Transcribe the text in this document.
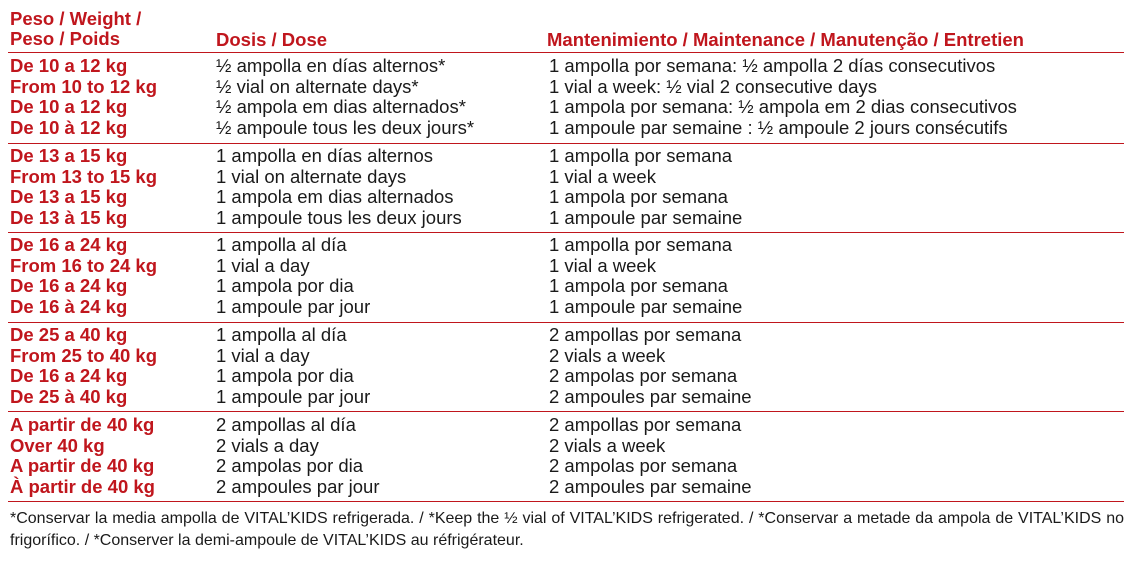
Peso / Weight /
Peso / Poids	Dosis / Dose	Mantenimiento / Maintenance / Manutenção / Entretien
De 10 a 12 kg	½ ampolla en días alternos*	1 ampolla por semana: ½ ampolla 2 días consecutivos
From 10 to 12 kg	½ vial on alternate days*	1 vial a week: ½ vial 2 consecutive days
De 10 a 12 kg	½ ampola em dias alternados*	1 ampola por semana: ½ ampola em 2 dias consecutivos
De 10 à 12 kg	½ ampoule tous les deux jours*	1 ampoule par semaine : ½ ampoule 2 jours consécutifs
De 13 a 15 kg	1 ampolla en días alternos	1 ampolla por semana
From 13 to 15 kg	1 vial on alternate days	1 vial a week
De 13 a 15 kg	1 ampola em dias alternados	1 ampola por semana
De 13 à 15 kg	1 ampoule tous les deux jours	1 ampoule par semaine
De 16 a 24 kg	1 ampolla al día	1 ampolla por semana
From 16 to 24 kg	1 vial a day	1 vial a week
De 16 a 24 kg	1 ampola por dia	1 ampola por semana
De 16 à 24 kg	1 ampoule par jour	1 ampoule par semaine
De 25 a 40 kg	1 ampolla al día	2 ampollas por semana
From 25 to 40 kg	1 vial a day	2 vials a week
De 16 a 24 kg	1 ampola por dia	2 ampolas por semana
De 25 à 40 kg	1 ampoule par jour	2 ampoules par semaine
A partir de 40 kg	2 ampollas al día	2 ampollas por semana
Over 40 kg	2 vials a day	2 vials a week
A partir de 40 kg	2 ampolas por dia	2 ampolas por semana
À partir de 40 kg	2 ampoules par jour	2 ampoules par semaine
*Conservar la media ampolla de VITAL’KIDS refrigerada. / *Keep the ½ vial of VITAL’KIDS refrigerated. / *Conservar a metade da ampola de VITAL’KIDS no frigorífico. / *Conserver la demi-ampoule de VITAL’KIDS au réfrigérateur.
